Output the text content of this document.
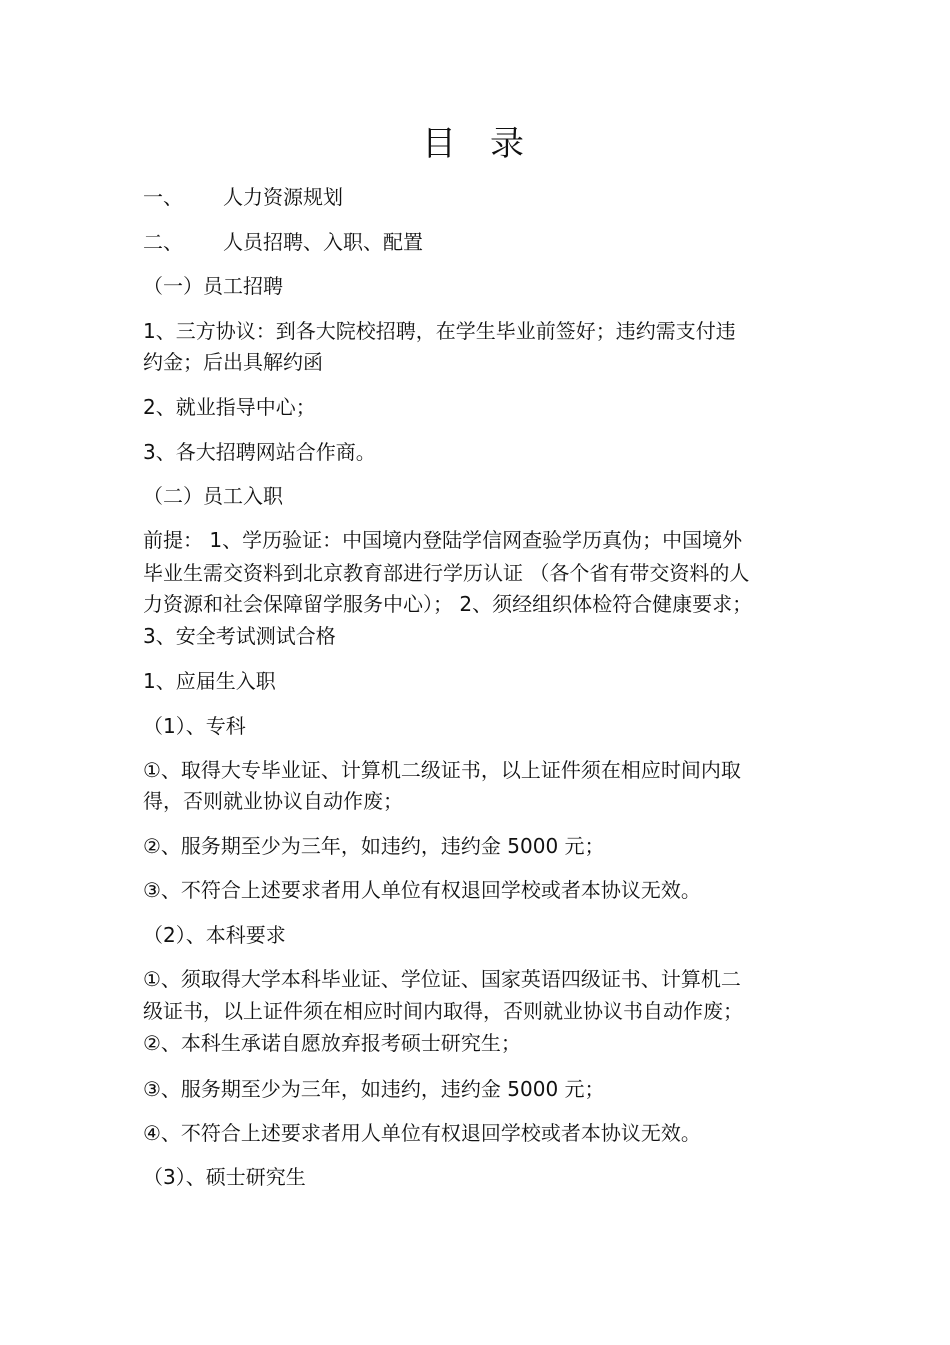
目录
一、 人力资源规划
二、 人员招聘、入职、配置
（一）员工招聘
1、三方协议：到各大院校招聘，在学生毕业前签好；违约需支付违
约金；后出具解约函
2、就业指导中心；
3、各大招聘网站合作商。
（二）员工入职
前提： 1、学历验证：中国境内登陆学信网查验学历真伪；中国境外
毕业生需交资料到北京教育部进行学历认证 （各个省有带交资料的人
力资源和社会保障留学服务中心）； 2、须经组织体检符合健康要求；
3、安全考试测试合格
1、应届生入职
（1）、专科
①、取得大专毕业证、计算机二级证书，以上证件须在相应时间内取
得，否则就业协议自动作废；
②、服务期至少为三年，如违约，违约金 5000 元；
③、不符合上述要求者用人单位有权退回学校或者本协议无效。
（2）、本科要求
①、须取得大学本科毕业证、学位证、国家英语四级证书、计算机二
级证书，以上证件须在相应时间内取得，否则就业协议书自动作废；
②、本科生承诺自愿放弃报考硕士研究生；
③、服务期至少为三年，如违约，违约金 5000 元；
④、不符合上述要求者用人单位有权退回学校或者本协议无效。
（3）、硕士研究生
